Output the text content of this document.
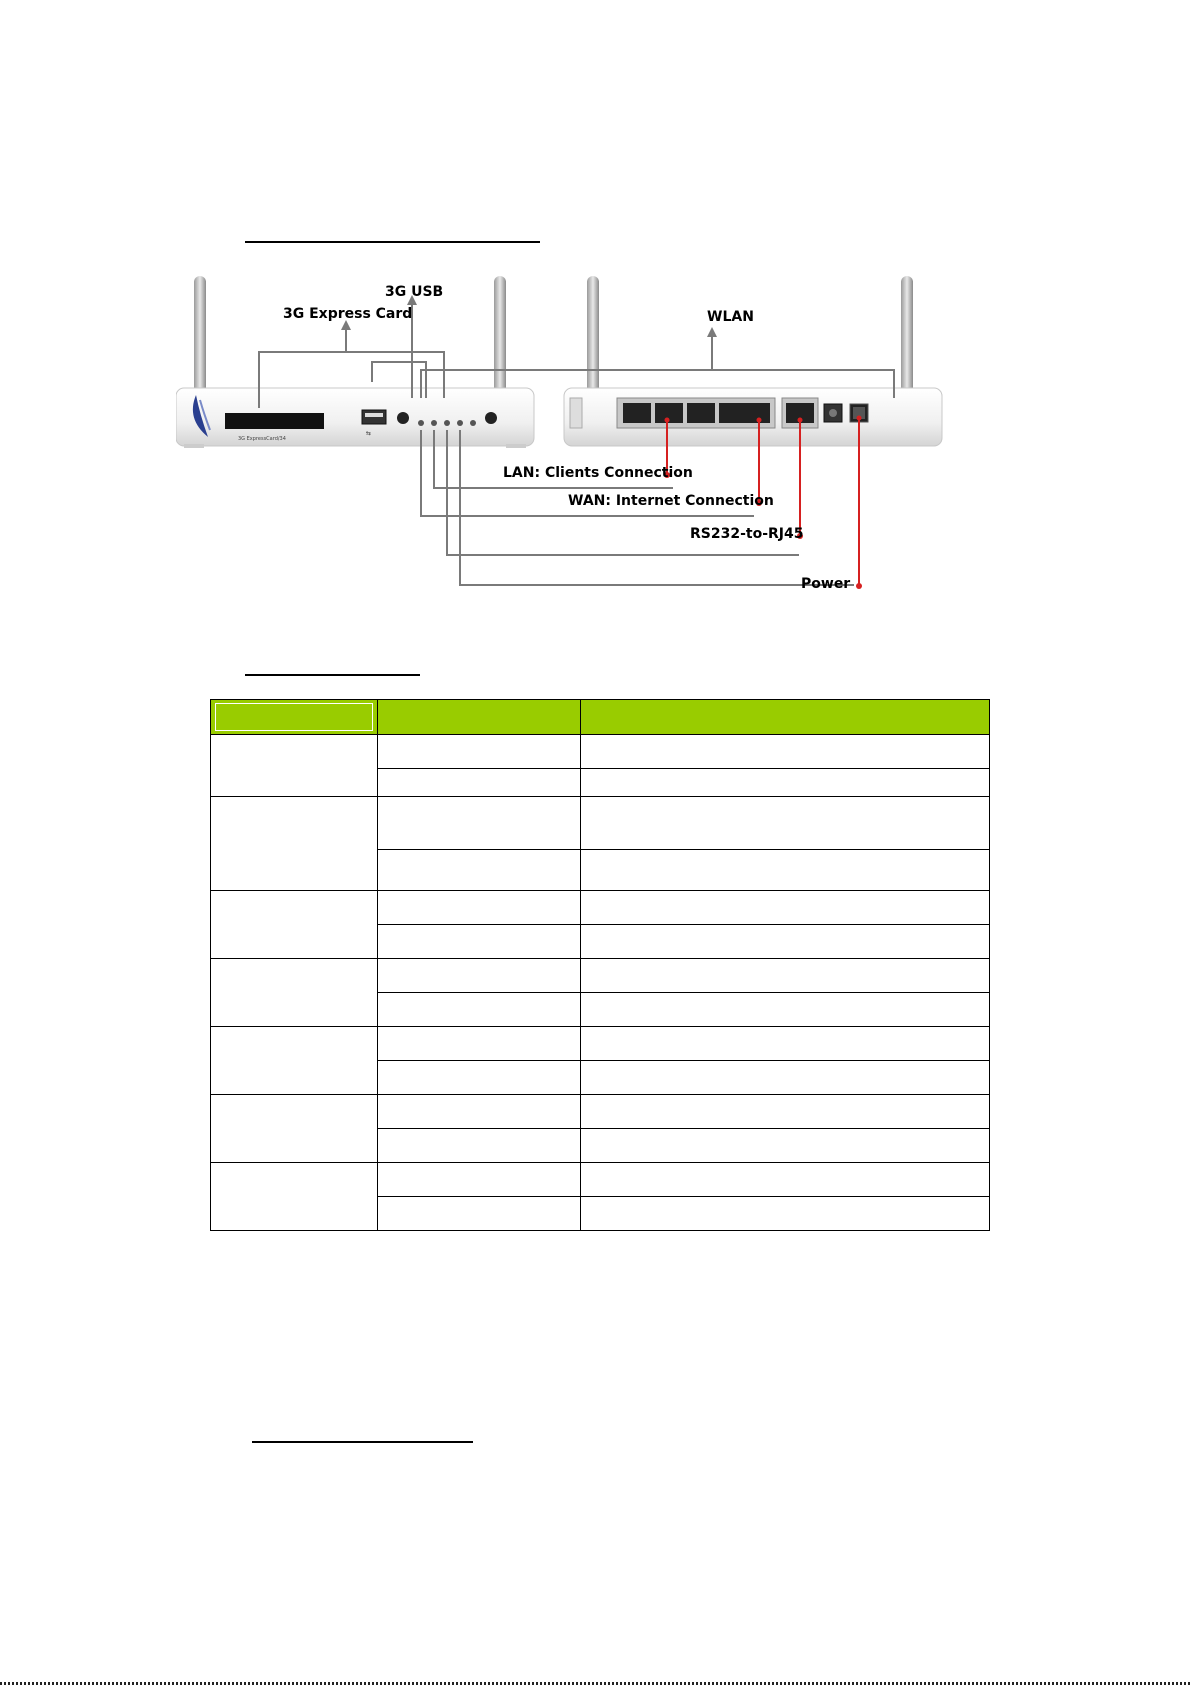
3G ExpressCard/34
⇆
3G USB
3G Express Card	WLAN
LAN: Clients Connection
WAN: Internet Connection
RS232-to-RJ45
Power
